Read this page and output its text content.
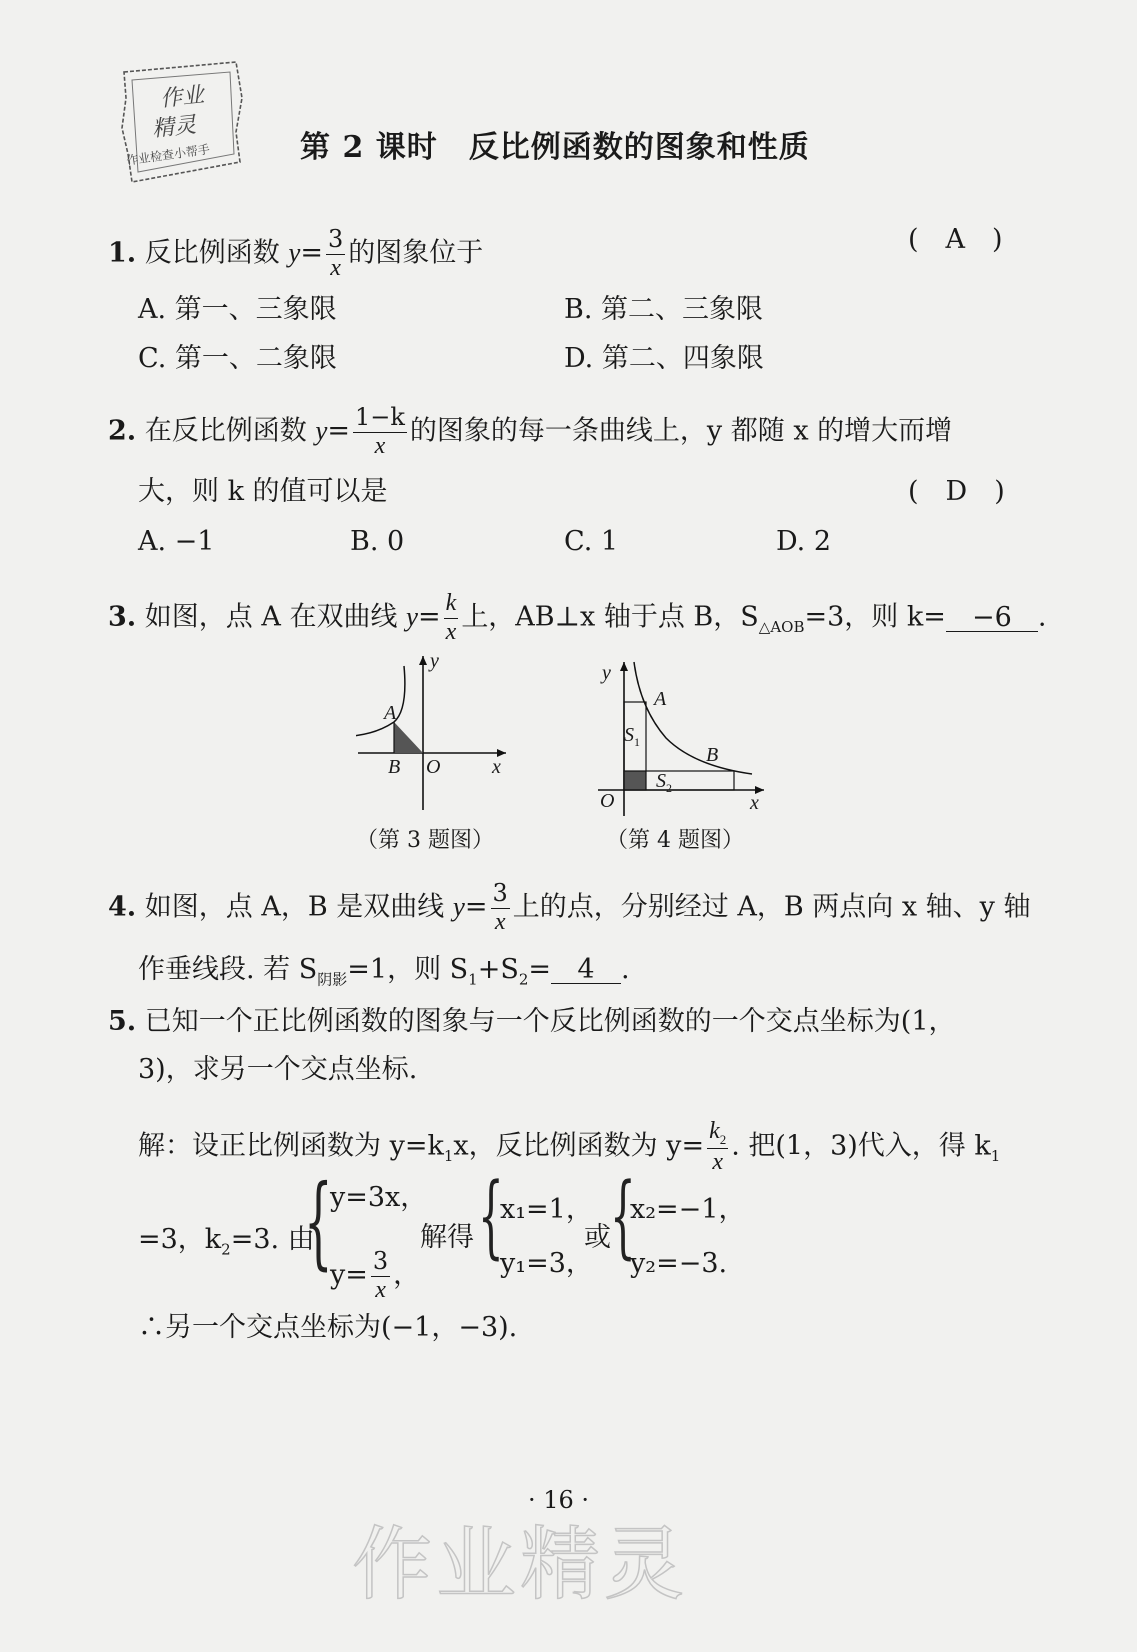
作业
精灵
作业检查小帮手	第 2 课时　反比例函数的图象和性质
1. 反比例函数 $y= \frac{3}{x}$ 的图象位于	(　A　)
A. 第一、三象限	B. 第二、三象限
C. 第一、二象限	D. 第二、四象限
2. 在反比例函数 $y= \frac{1-k}{x}$ 的图象的每一条曲线上，y 都随 x 的增大而增
大，则 k 的值可以是	(　D　)
A. −1	B. 0	C. 1	D. 2
3. 如图，点 A 在双曲线 $y= \frac{k}{x}$ 上，AB⊥x 轴于点 B，$S_{\triangle AOB}=3$，则 k= −6 .
y
A
B O	x
（第 3 题图）
y
A
$S_1$
B
$S_2$
O	x
（第 4 题图）
4. 如图，点 A，B 是双曲线 $y= \frac{3}{x}$ 上的点，分别经过 A，B 两点向 x 轴、y 轴
作垂线段. 若 $S_{阴影}=1$，则 $S_1+S_2= 4$ .
5. 已知一个正比例函数的图象与一个反比例函数的一个交点坐标为(1，
3)，求另一个交点坐标.
解：设正比例函数为 $y=k_1x$，反比例函数为 $y= \frac{k_2}{x}$ . 把(1，3)代入，得 $k_1$
=3，$k_2=3$. 由
{
y=3x，
$y= \frac{3}{x}$ ，
解得 {
x₁=1，
y₁=3，
或 {
x₂=−1，
y₂=−3.
∴另一个交点坐标为(−1，−3).
· 16 ·
作业精灵
